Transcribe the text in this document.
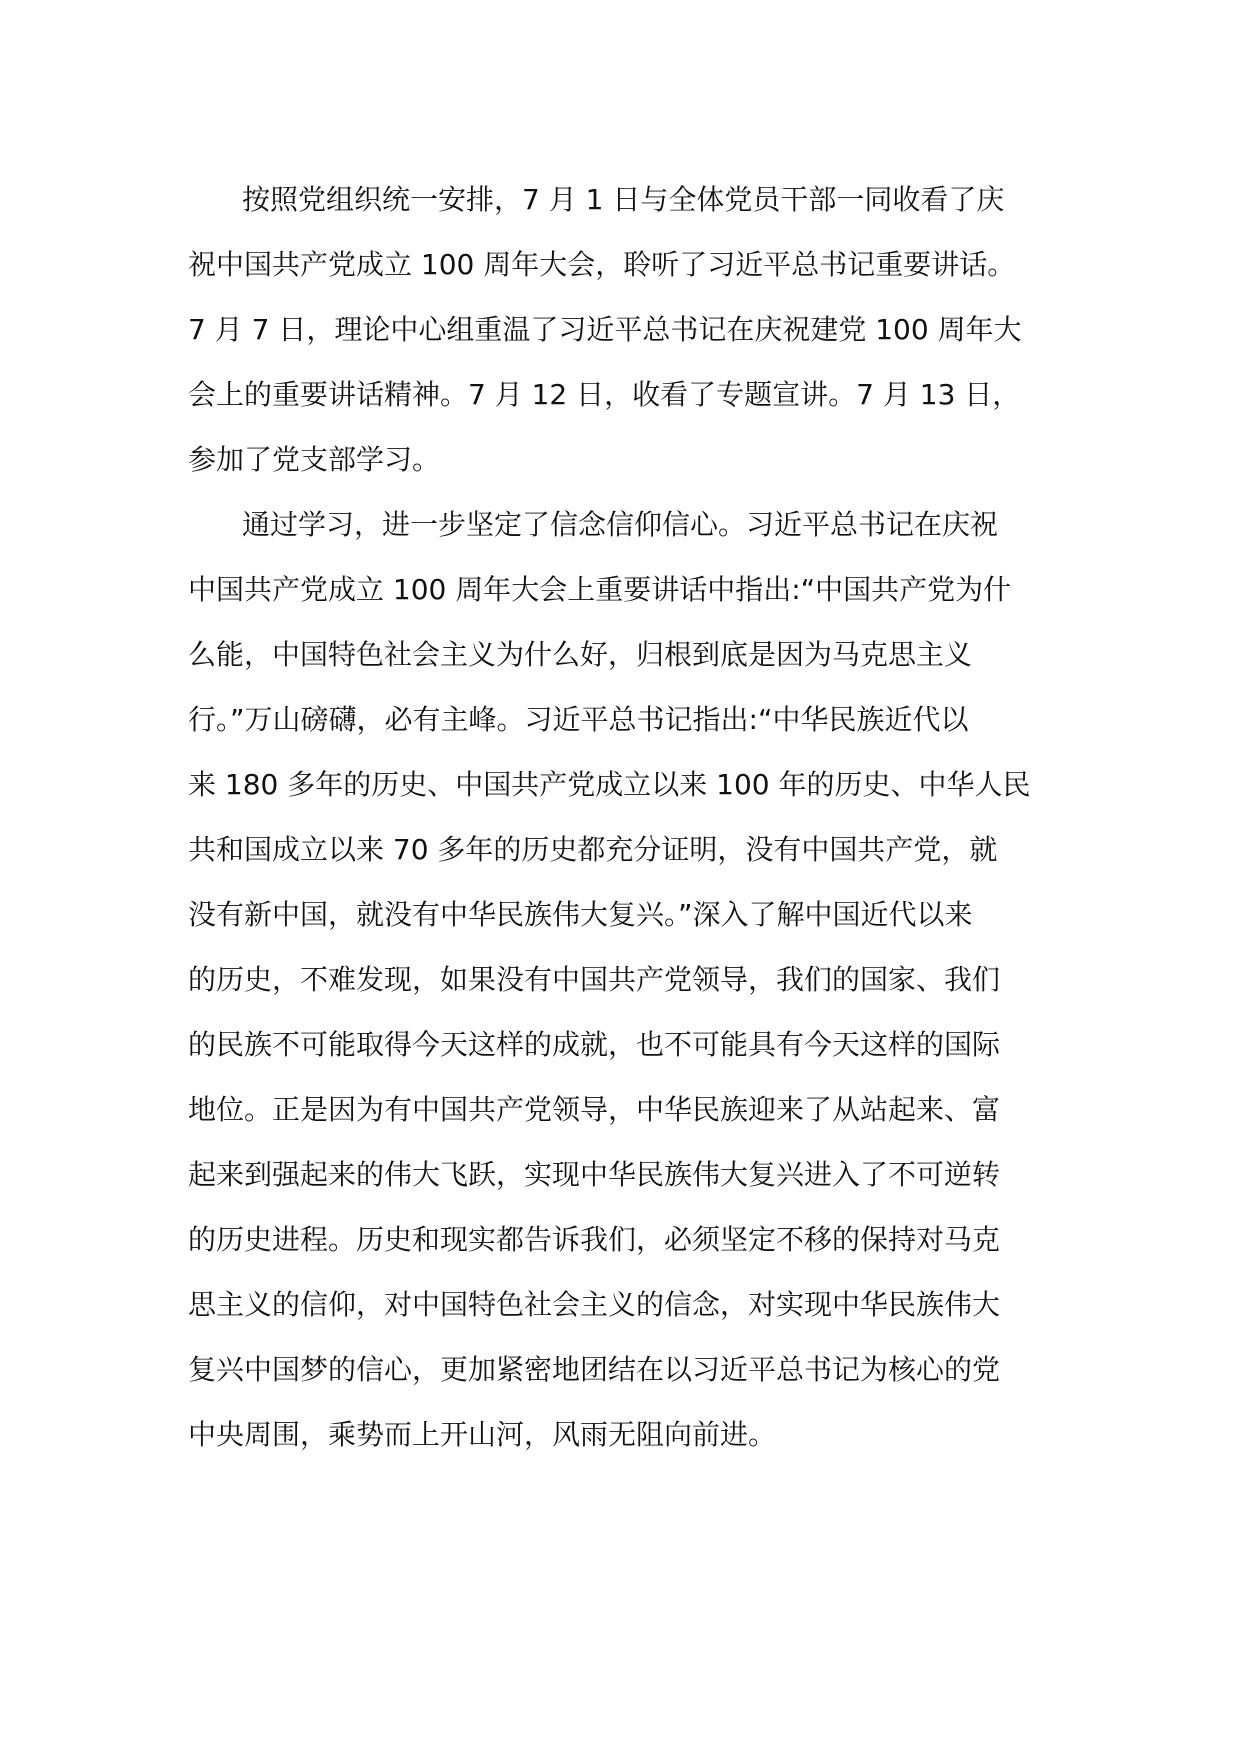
按照党组织统一安排，7 月 1 日与全体党员干部一同收看了庆
祝中国共产党成立 100 周年大会，聆听了习近平总书记重要讲话。
7 月 7 日，理论中心组重温了习近平总书记在庆祝建党 100 周年大
会上的重要讲话精神。7 月 12 日，收看了专题宣讲。7 月 13 日，
参加了党支部学习。
通过学习，进一步坚定了信念信仰信心。习近平总书记在庆祝
中国共产党成立 100 周年大会上重要讲话中指出:“中国共产党为什
么能，中国特色社会主义为什么好，归根到底是因为马克思主义
行。”万山磅礴，必有主峰。习近平总书记指出:“中华民族近代以
来 180 多年的历史、中国共产党成立以来 100 年的历史、中华人民
共和国成立以来 70 多年的历史都充分证明，没有中国共产党，就
没有新中国，就没有中华民族伟大复兴。”深入了解中国近代以来
的历史，不难发现，如果没有中国共产党领导，我们的国家、我们
的民族不可能取得今天这样的成就，也不可能具有今天这样的国际
地位。正是因为有中国共产党领导，中华民族迎来了从站起来、富
起来到强起来的伟大飞跃，实现中华民族伟大复兴进入了不可逆转
的历史进程。历史和现实都告诉我们，必须坚定不移的保持对马克
思主义的信仰，对中国特色社会主义的信念，对实现中华民族伟大
复兴中国梦的信心，更加紧密地团结在以习近平总书记为核心的党
中央周围，乘势而上开山河，风雨无阻向前进。
